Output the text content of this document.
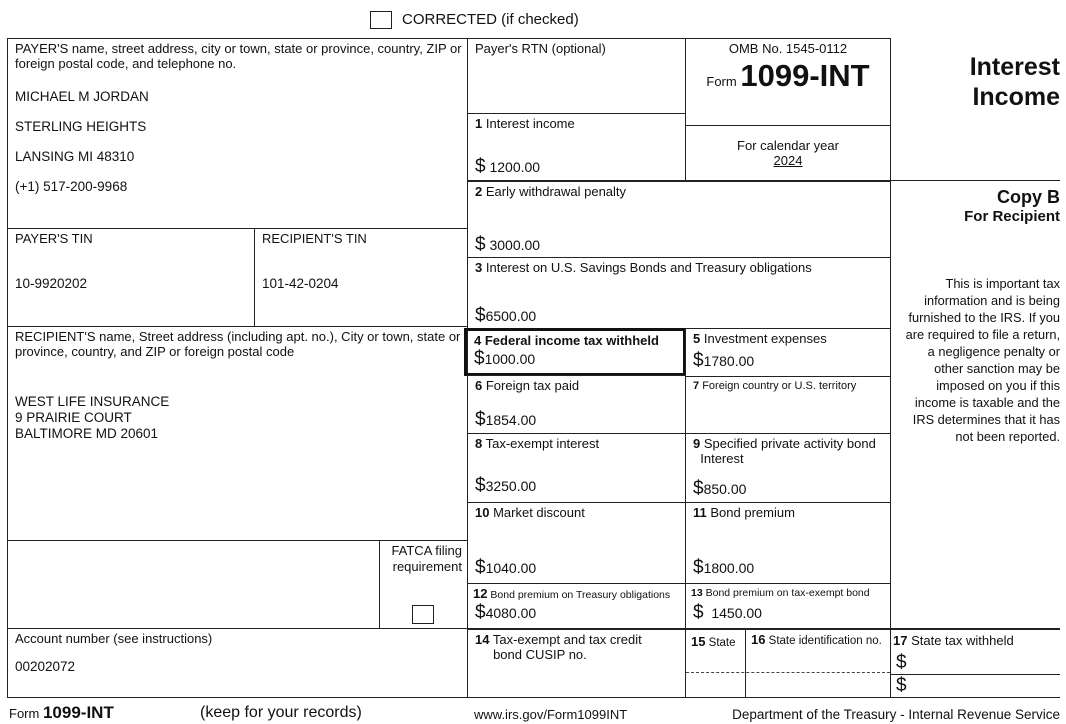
CORRECTED (if checked)
PAYER'S name, street address, city or town, state or province, country, ZIP or foreign postal code, and telephone no.
MICHAEL M JORDAN
STERLING HEIGHTS
LANSING MI 48310
(+1) 517-200-9968
PAYER'S TIN
10-9920202
RECIPIENT'S TIN
101-42-0204
RECIPIENT'S name, Street address (including apt. no.), City or town, state or province, country, and ZIP or foreign postal code
WEST LIFE INSURANCE
9 PRAIRIE COURT
BALTIMORE MD 20601
FATCA filing
requirement
Account number (see instructions)
00202072
Payer's RTN (optional)
1 Interest income
$ 1200.00
OMB No. 1545-0112
Form 1099-INT
For calendar year
2024
Interest
Income
Copy B
For Recipient
This is important tax information and is being furnished to the IRS. If you are required to file a return, a negligence penalty or other sanction may be imposed on you if this income is taxable and the IRS determines that it has not been reported.
2 Early withdrawal penalty
$ 3000.00
3 Interest on U.S. Savings Bonds and Treasury obligations
$6500.00
4 Federal income tax withheld
$1000.00
5 Investment expenses
$1780.00
6 Foreign tax paid
$1854.00
7 Foreign country or U.S. territory
8 Tax-exempt interest
$3250.00
9 Specified private activity bond
Interest
$850.00
10 Market discount
$1040.00
11 Bond premium
$1800.00
12 Bond premium on Treasury obligations
$4080.00
13 Bond premium on tax-exempt bond
$ 1450.00
14 Tax-exempt and tax credit
bond CUSIP no.
15 State	16 State identification no. 17 State tax withheld
$
$
Form 1099-INT	(keep for your records)	www.irs.gov/Form1099INT	Department of the Treasury - Internal Revenue Service
